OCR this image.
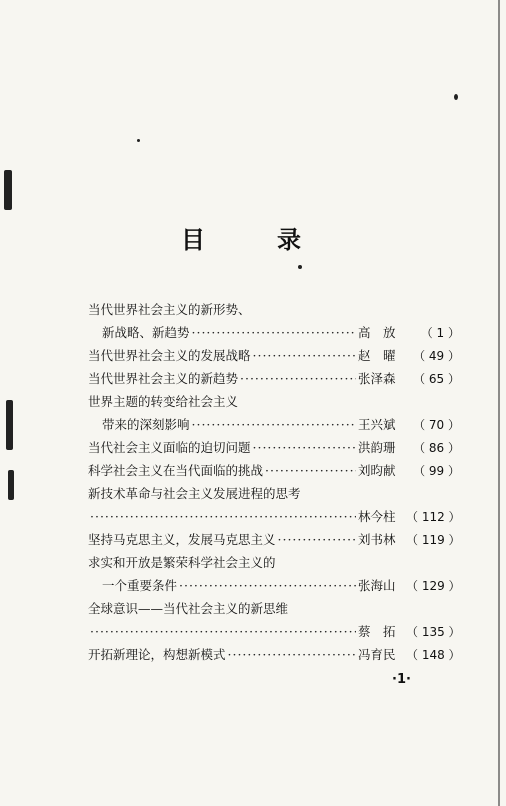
目　录
当代世界社会主义的新形势、
新战略、新趋势 ·····	高　放	（ 1 ）
当代世界社会主义的发展战略 ·····	赵　曜	（ 49 ）
当代世界社会主义的新趋势 ·····	张泽森	（ 65 ）
世界主题的转变给社会主义
带来的深刻影响 ·····	王兴斌	（ 70 ）
当代社会主义面临的迫切问题 ·····	洪韵珊	（ 86 ）
科学社会主义在当代面临的挑战 ·····	刘昀献	（ 99 ）
新技术革命与社会主义发展进程的思考
·····
林今柱 （ 112 ）
坚持马克思主义，发展马克思主义 ·····	刘书林 （ 119 ）
求实和开放是繁荣科学社会主义的
一个重要条件 ·····	张海山 （ 129 ）
全球意识——当代社会主义的新思维
·····
蔡　拓 （ 135 ）
开拓新理论，构想新模式 ·····	冯育民 （ 148 ）
·1·
